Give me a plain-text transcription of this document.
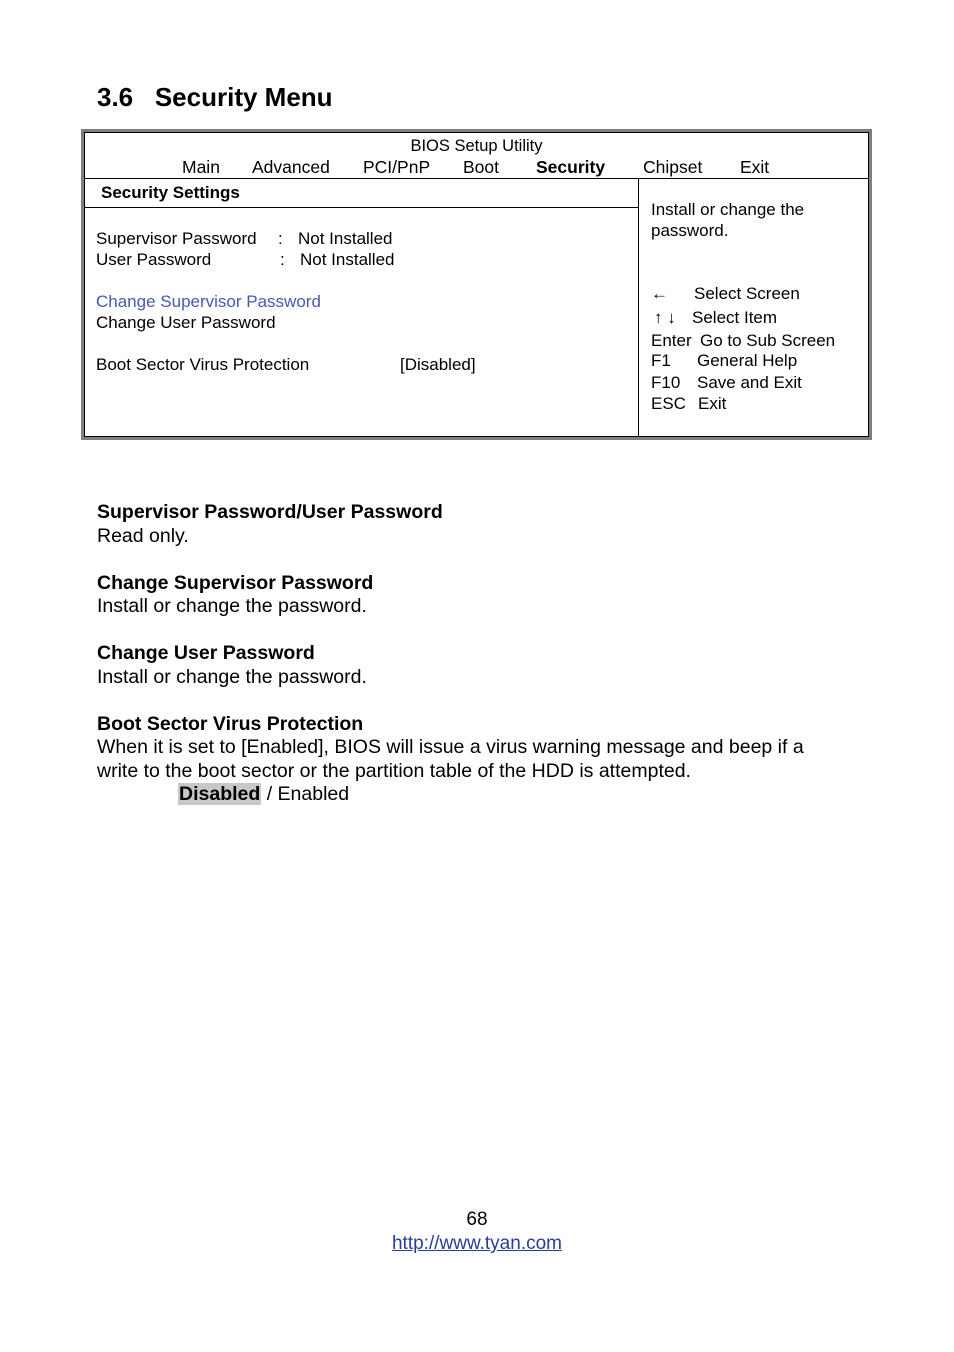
3.6 Security Menu
BIOS Setup Utility
Main Advanced PCI/PnP Boot Security Chipset Exit
Security Settings
Supervisor Password : Not Installed
User Password	: Not Installed
Change Supervisor Password
Change User Password
Boot Sector Virus Protection	[Disabled]
Install or change the
password.
← Select Screen
↑ ↓ Select Item
Enter Go to Sub Screen
F1 General Help
F10 Save and Exit
ESC Exit
Supervisor Password/User Password
Read only.
Change Supervisor Password
Install or change the password.
Change User Password
Install or change the password.
Boot Sector Virus Protection
When it is set to [Enabled], BIOS will issue a virus warning message and beep if a
write to the boot sector or the partition table of the HDD is attempted.
Disabled / Enabled
68
http://www.tyan.com
